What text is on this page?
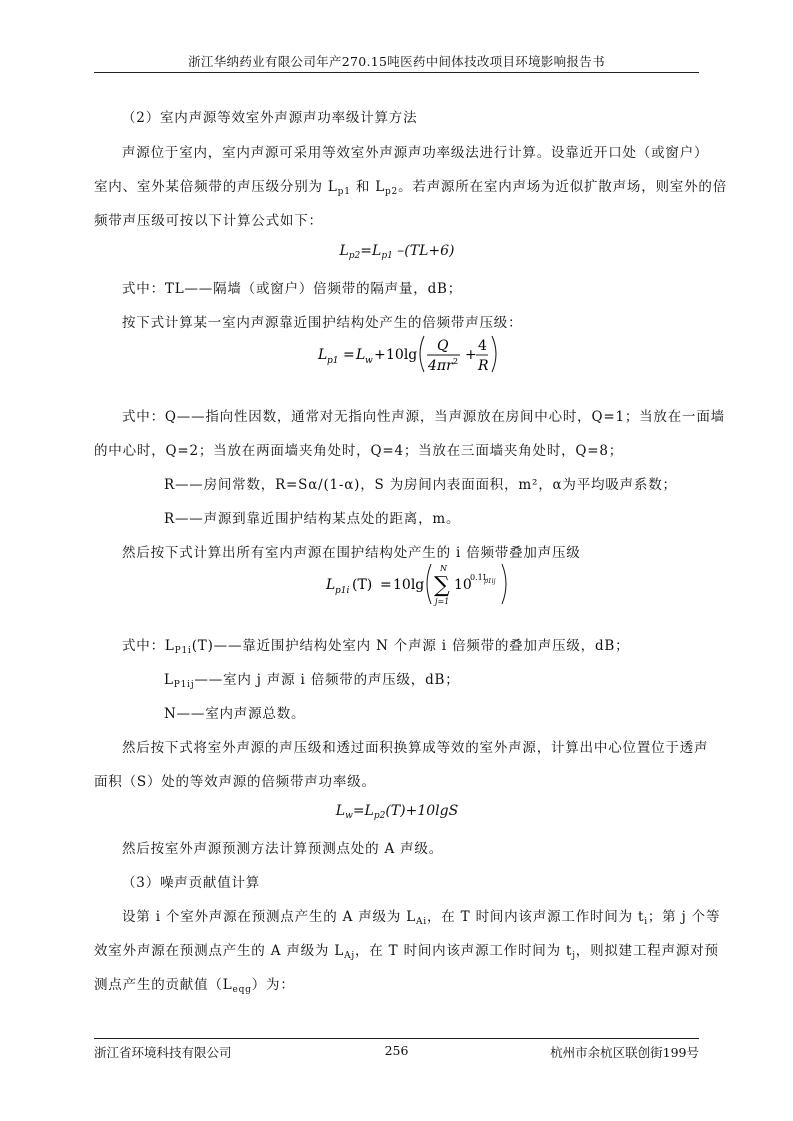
浙江华纳药业有限公司年产270.15吨医药中间体技改项目环境影响报告书
（2）室内声源等效室外声源声功率级计算方法
声源位于室内，室内声源可采用等效室外声源声功率级法进行计算。设靠近开口处（或窗户）
室内、室外某倍频带的声压级分别为 $L_{p1}$ 和 $L_{p2}$。若声源所在室内声场为近似扩散声场，则室外的倍
频带声压级可按以下计算公式如下：
$L_{p2}=L_{p1}$ –(TL+6)
式中：TL——隔墙（或窗户）倍频带的隔声量，dB；
按下式计算某一室内声源靠近围护结构处产生的倍频带声压级：
L p1 = L w + 10lg
Q
4πr 2 +
4
R
式中：Q——指向性因数，通常对无指向性声源，当声源放在房间中心时，Q=1；当放在一面墙
的中心时，Q=2；当放在两面墙夹角处时，Q=4；当放在三面墙夹角处时，Q=8；
R——房间常数，R=Sα/(1-α)，S 为房间内表面面积，m²，α为平均吸声系数；
R——声源到靠近围护结构某点处的距离，m。
然后按下式计算出所有室内声源在围护结构处产生的 i 倍频带叠加声压级
L p1i (T) = 10lg
N
∑
j=1
10
0.1L
p1ij
式中：$L_{P1i}(T)——$靠近围护结构处室内 N 个声源 i 倍频带的叠加声压级，dB；
$L_{P1ij}——$室内 j 声源 i 倍频带的声压级，dB；
N——室内声源总数。
然后按下式将室外声源的声压级和透过面积换算成等效的室外声源，计算出中心位置位于透声
面积（S）处的等效声源的倍频带声功率级。
$L_w=L_{p2}(T)+10\lg S$
然后按室外声源预测方法计算预测点处的 A 声级。
（3）噪声贡献值计算
设第 i 个室外声源在预测点产生的 A 声级为 $L_{Ai}$，在 T 时间内该声源工作时间为 $t_i$；第 j 个等
效室外声源在预测点产生的 A 声级为 $L_{Aj}$，在 T 时间内该声源工作时间为 $t_j$，则拟建工程声源对预
测点产生的贡献值$(L_{eqg})$为：
浙江省环境科技有限公司	256	杭州市余杭区联创街199号
